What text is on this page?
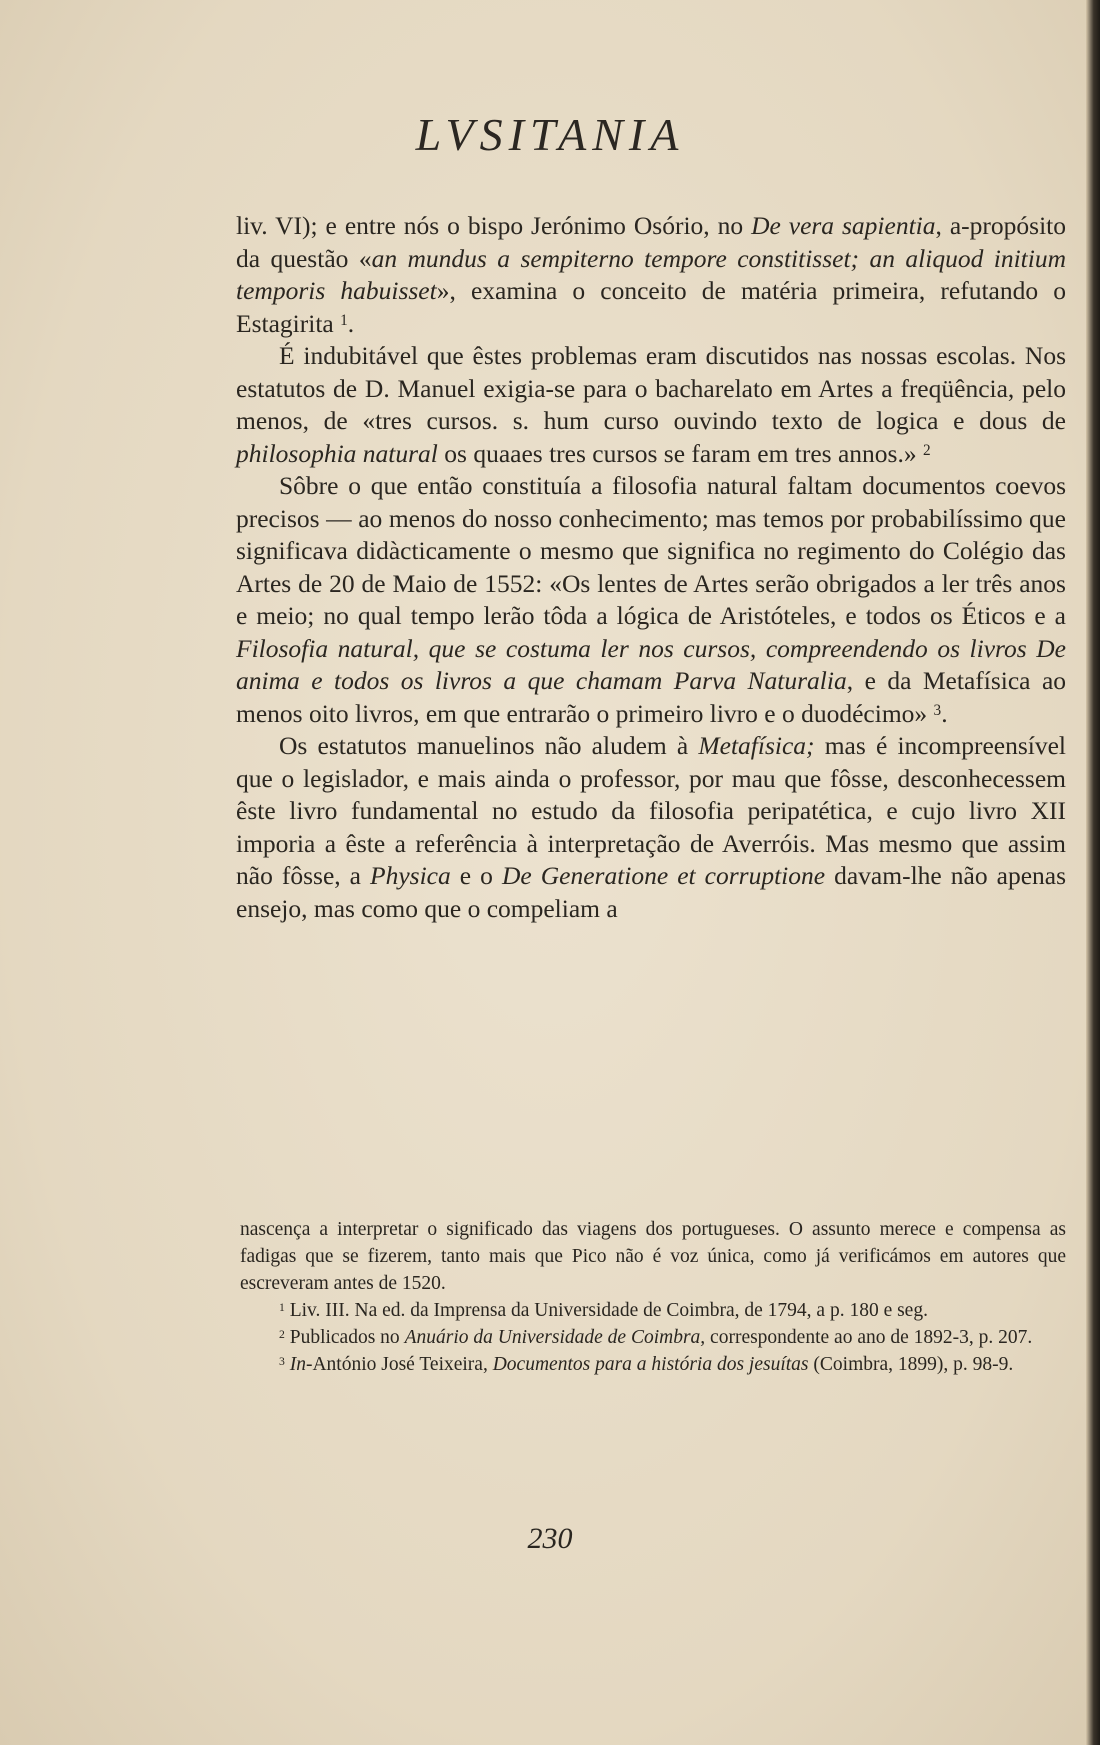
LVSITANIA

liv. VI); e entre nós o bispo Jerónimo Osório, no De vera sapientia, a-propósito da questão «an mundus a sempiterno tempore constitisset; an aliquod initium temporis habuisset», examina o conceito de matéria primeira, refutando o Estagirita $^1$.

É indubitável que êstes problemas eram discutidos nas nossas escolas. Nos estatutos de D. Manuel exigia-se para o bacharelato em Artes a freqüência, pelo menos, de «tres cursos. s. hum curso ouvindo texto de logica e dous de philosophia natural os quaaes tres cursos se faram em tres annos.» $^2$

Sôbre o que então constituía a filosofia natural faltam documentos coevos precisos — ao menos do nosso conhecimento; mas temos por probabilíssimo que significava didàcticamente o mesmo que significa no regimento do Colégio das Artes de 20 de Maio de 1552: «Os lentes de Artes serão obrigados a ler três anos e meio; no qual tempo lerão tôda a lógica de Aristóteles, e todos os Éticos e a Filosofia natural, que se costuma ler nos cursos, compreendendo os livros De anima e todos os livros a que chamam Parva Naturalia, e da Metafísica ao menos oito livros, em que entrarão o primeiro livro e o duodécimo» $^3$.

Os estatutos manuelinos não aludem à Metafísica; mas é incompreensível que o legislador, e mais ainda o professor, por mau que fôsse, desconhecessem êste livro fundamental no estudo da filosofia peripatética, e cujo livro XII imporia a êste a referência à interpretação de Averróis. Mas mesmo que assim não fôsse, a Physica e o De Generatione et corruptione davam-lhe não apenas ensejo, mas como que o compeliam a

nascença a interpretar o significado das viagens dos portugueses. O assunto merece e compensa as fadigas que se fizerem, tanto mais que Pico não é voz única, como já verificámos em autores que escreveram antes de 1520.

$^1$ Liv. III. Na ed. da Imprensa da Universidade de Coimbra, de 1794, a p. 180 e seg.

$^2$ Publicados no Anuário da Universidade de Coimbra, correspondente ao ano de 1892-3, p. 207.

$^3$ In-António José Teixeira, Documentos para a história dos jesuítas (Coimbra, 1899), p. 98-9.

230
